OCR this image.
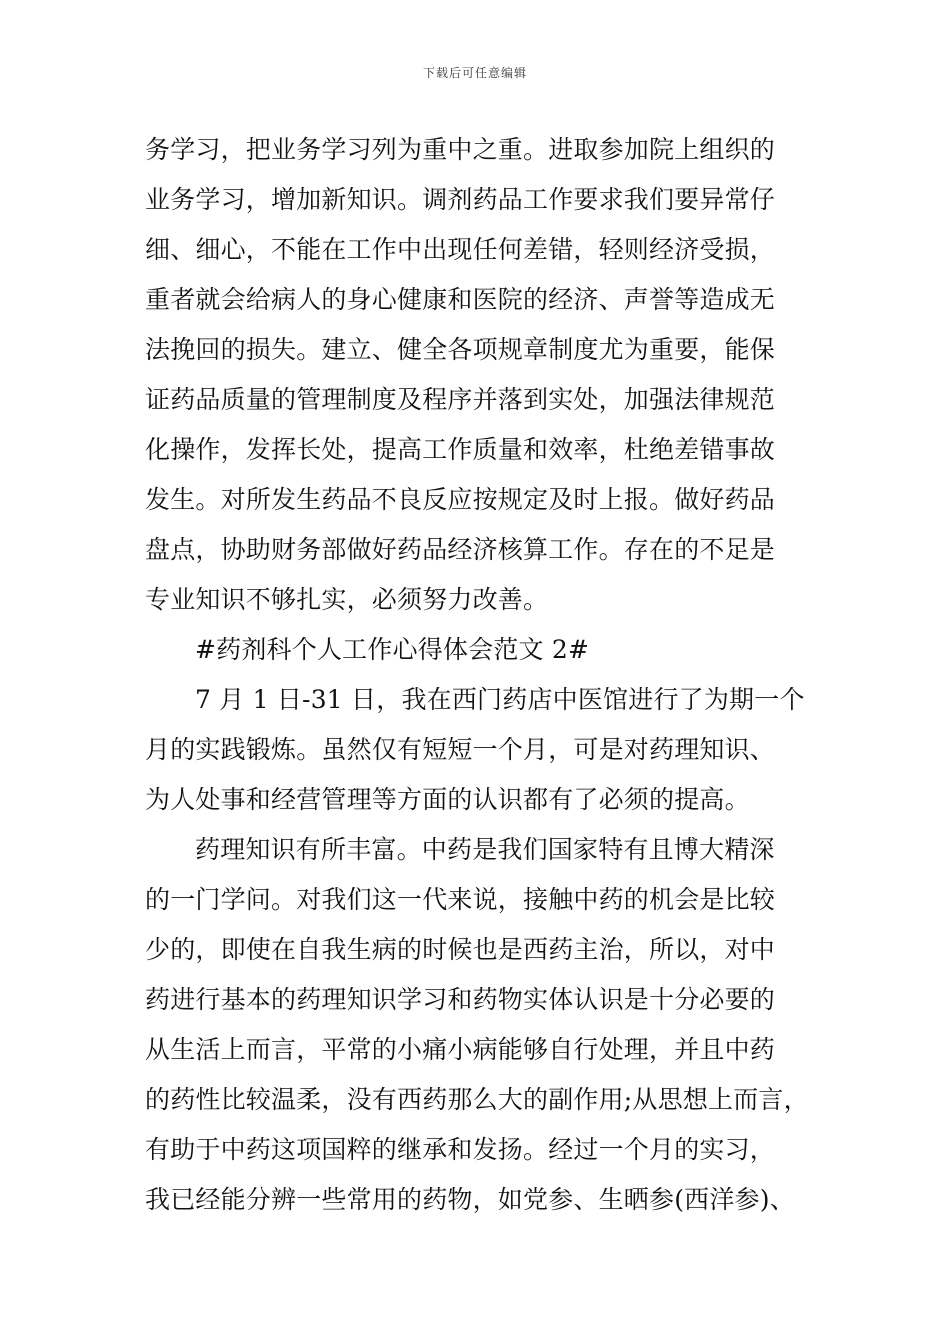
下载后可任意编辑
务学习，把业务学习列为重中之重。进取参加院上组织的
业务学习，增加新知识。调剂药品工作要求我们要异常仔
细、细心，不能在工作中出现任何差错，轻则经济受损，
重者就会给病人的身心健康和医院的经济、声誉等造成无
法挽回的损失。建立、健全各项规章制度尤为重要，能保
证药品质量的管理制度及程序并落到实处，加强法律规范
化操作，发挥长处，提高工作质量和效率，杜绝差错事故
发生。对所发生药品不良反应按规定及时上报。做好药品
盘点，协助财务部做好药品经济核算工作。存在的不足是
专业知识不够扎实，必须努力改善。
#药剂科个人工作心得体会范文 2#
7 月 1 日-31 日，我在西门药店中医馆进行了为期一个
月的实践锻炼。虽然仅有短短一个月，可是对药理知识、
为人处事和经营管理等方面的认识都有了必须的提高。
药理知识有所丰富。中药是我们国家特有且博大精深
的一门学问。对我们这一代来说，接触中药的机会是比较
少的，即使在自我生病的时候也是西药主治，所以，对中
药进行基本的药理知识学习和药物实体认识是十分必要的
从生活上而言，平常的小痛小病能够自行处理，并且中药
的药性比较温柔，没有西药那么大的副作用;从思想上而言，
有助于中药这项国粹的继承和发扬。经过一个月的实习，
我已经能分辨一些常用的药物，如党参、生晒参(西洋参)、
